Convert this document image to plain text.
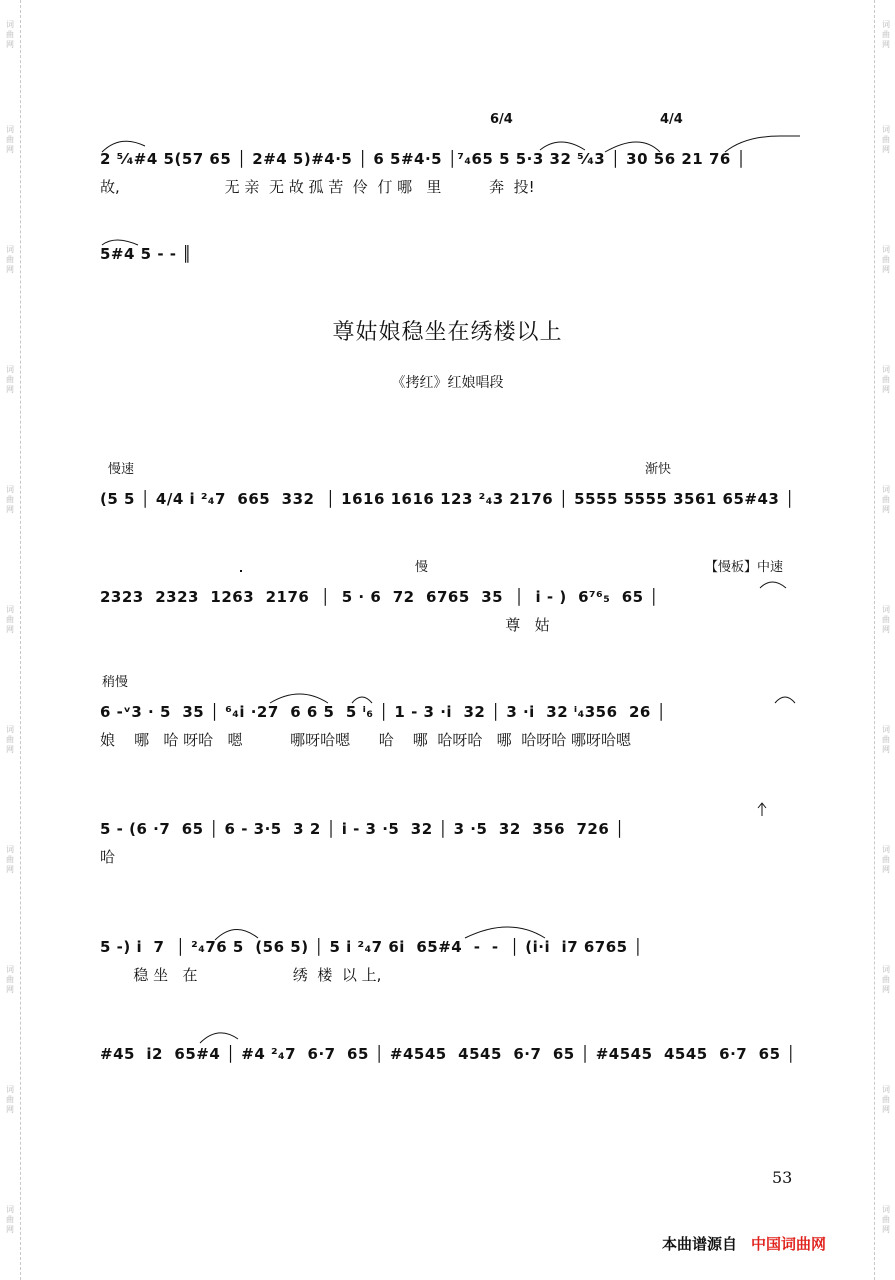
词
曲
网
词
曲
网
词
曲
网
词
曲
网
词
曲
网
词
曲
网
词
曲
网
词
曲
网
词
曲
网
词
曲
网
词
曲
网
词
曲
网
词
曲
网
词
曲
网
词
曲
网
词
曲
网
词
曲
网
词
曲
网
词
曲
网
词
曲
网
词
曲
网
词
曲
网
6/4	4/4
2 ⁵⁄₄#4 5(57 65 │ 2#4 5)#4·5 │ 6 5#4·5 │⁷₄65 5 5·3 32 ⁵⁄₄3 │ 30 56 21 76 │
故,                      无 亲  无 故 孤 苦  伶  仃 哪   里          奔  投!
5#4 5 - - ║
尊姑娘稳坐在绣楼以上
《拷红》红娘唱段
慢速	渐快
(5 5 │ 4/4 i ²₄7  665  332  │ 1616 1616 123 ²₄3 2176 │ 5555 5555 3561 65#43 │
慢	【慢板】中速
2323  2323  1263  2176  │  5 · 6  72  6765  35  │  i - )  6⁷⁶₅  65 │
尊   姑
稍慢
6 -ᵛ3 · 5  35 │ ⁶₄i ·27  6 6 5  5 ⁱ₆ │ 1 - 3 ·i  32 │ 3 ·i  32 ⁱ₄356  26 │
娘    哪   哈 呀哈   嗯          哪呀哈嗯      哈    哪  哈呀哈   哪  哈呀哈 哪呀哈嗯
5 - (6 ·7  65 │ 6 - 3·5  3 2 │ i - 3 ·5  32 │ 3 ·5  32  356  726 │
哈
5 -) i  7  │ ²₄76 5  (56 5) │ 5 i ²₄7 6i  65#4  -  -  │ (i·i  i7 6765 │
稳 坐   在                    绣  楼  以 上,
#45  i2  65#4 │ #4 ²₄7  6·7  65 │ #4545  4545  6·7  65 │ #4545  4545  6·7  65 │
53
本曲谱源自 中国词曲网
